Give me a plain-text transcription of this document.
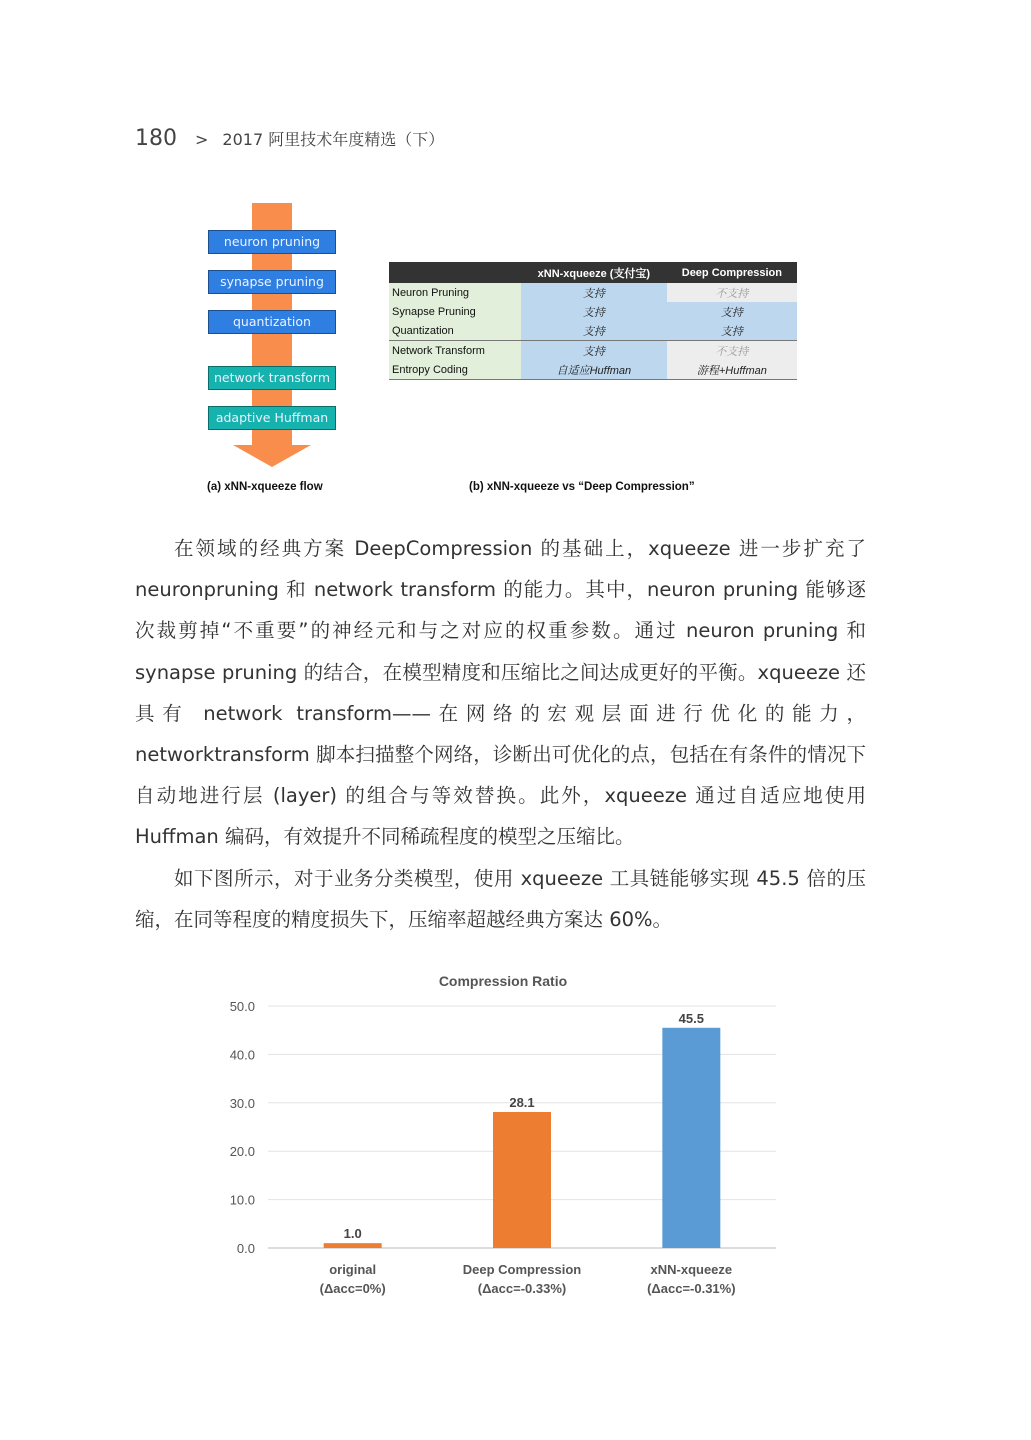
180 > 2017 阿里技术年度精选（下）
neuron pruning
synapse pruning
quantization
network transform
adaptive Huffman
(a) xNN-xqueeze flow
	xNN-xqueeze (支付宝)	Deep Compression
Neuron Pruning	支持	不支持
Synapse Pruning	支持	支持
Quantization	支持	支持
Network Transform	支持	不支持
Entropy Coding	自适应Huffman	游程+Huffman
(b) xNN-xqueeze vs “Deep Compression”

在领域的经典方案 DeepCompression 的基础上，xqueeze 进一步扩充了 neuronpruning 和 network transform 的能力。其中，neuron pruning 能够逐次裁剪掉“不重要”的神经元和与之对应的权重参数。通过 neuron pruning 和 synapse pruning 的结合，在模型精度和压缩比之间达成更好的平衡。xqueeze 还具有 network transform——在网络的宏观层面进行优化的能力，networktransform 脚本扫描整个网络，诊断出可优化的点，包括在有条件的情况下自动地进行层 (layer) 的组合与等效替换。此外，xqueeze 通过自适应地使用 Huffman 编码，有效提升不同稀疏程度的模型之压缩比。

如下图所示，对于业务分类模型，使用 xqueeze 工具链能够实现 45.5 倍的压缩，在同等程度的精度损失下，压缩率超越经典方案达 60%。

Compression Ratio
0.0
10.0
20.0
30.0
40.0
50.0
1.0
original
(Δacc=0%)
28.1
Deep Compression
(Δacc=-0.33%)
45.5
xNN-xqueeze
(Δacc=-0.31%)
